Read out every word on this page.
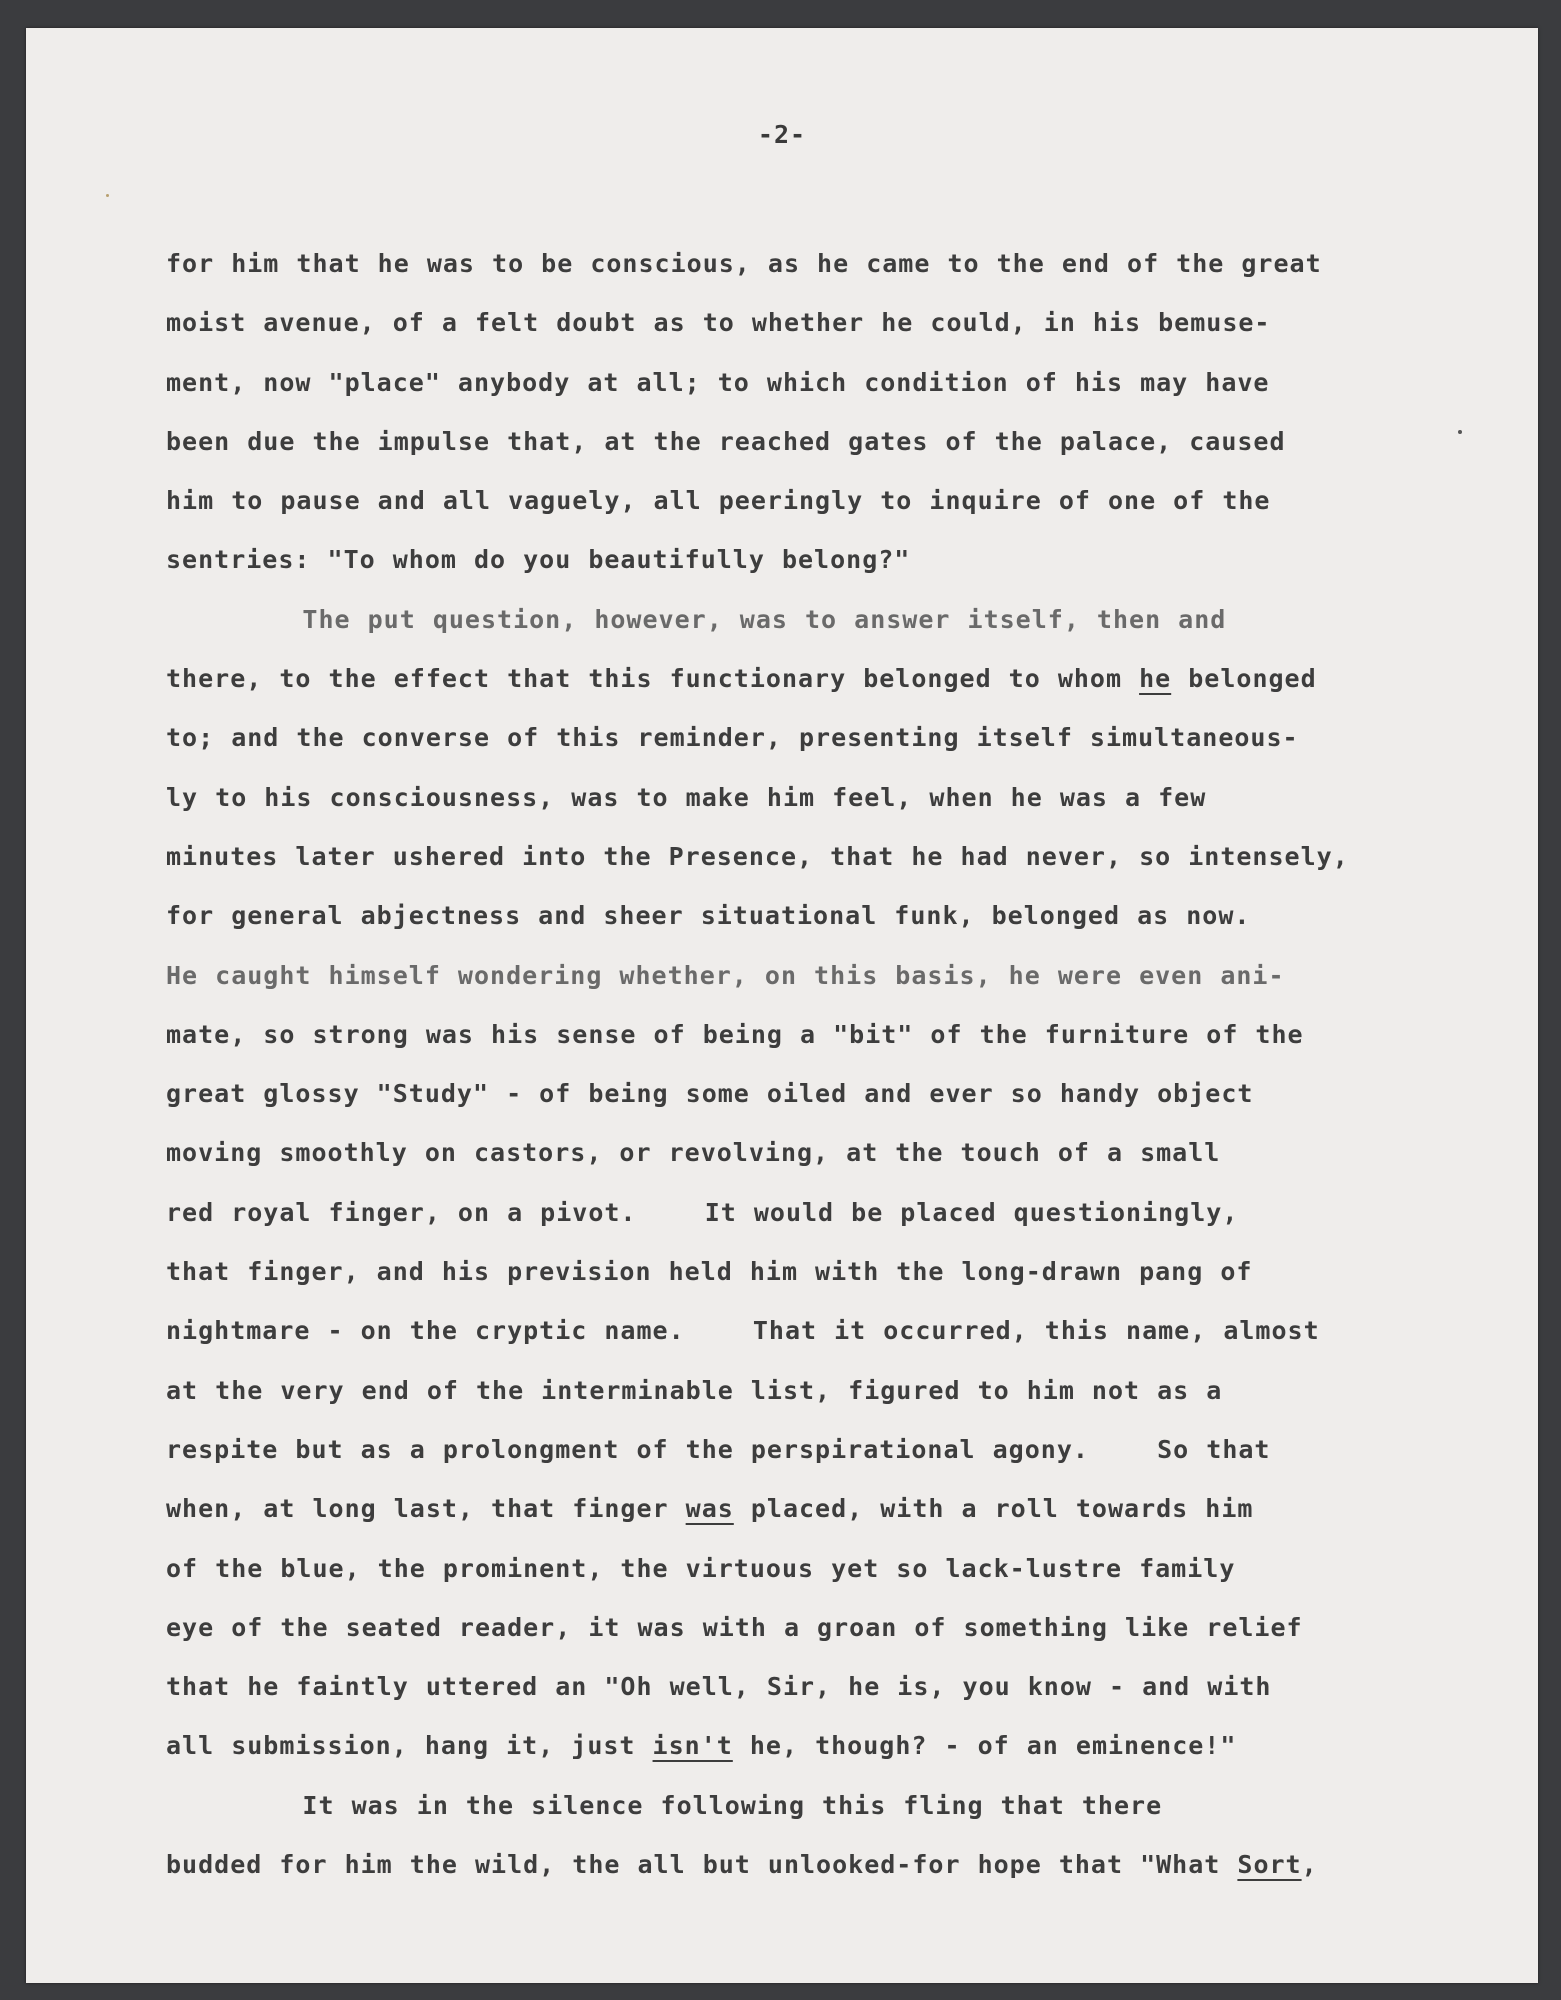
-2-
for him that he was to be conscious, as he came to the end of the great
moist avenue, of a felt doubt as to whether he could, in his bemuse-
ment, now "place" anybody at all; to which condition of his may have
been due the impulse that, at the reached gates of the palace, caused
him to pause and all vaguely, all peeringly to inquire of one of the
sentries: "To whom do you beautifully belong?"
The put question, however, was to answer itself, then and
there, to the effect that this functionary belonged to whom he belonged
to; and the converse of this reminder, presenting itself simultaneous-
ly to his consciousness, was to make him feel, when he was a few
minutes later ushered into the Presence, that he had never, so intensely,
for general abjectness and sheer situational funk, belonged as now.
He caught himself wondering whether, on this basis, he were even ani-
mate, so strong was his sense of being a "bit" of the furniture of the
great glossy "Study" - of being some oiled and ever so handy object
moving smoothly on castors, or revolving, at the touch of a small
red royal finger, on a pivot.    It would be placed questioningly,
that finger, and his prevision held him with the long-drawn pang of
nightmare - on the cryptic name.    That it occurred, this name, almost
at the very end of the interminable list, figured to him not as a
respite but as a prolongment of the perspirational agony.    So that
when, at long last, that finger was placed, with a roll towards him
of the blue, the prominent, the virtuous yet so lack-lustre family
eye of the seated reader, it was with a groan of something like relief
that he faintly uttered an "Oh well, Sir, he is, you know - and with
all submission, hang it, just isn't he, though? - of an eminence!"
It was in the silence following this fling that there
budded for him the wild, the all but unlooked-for hope that "What Sort,
